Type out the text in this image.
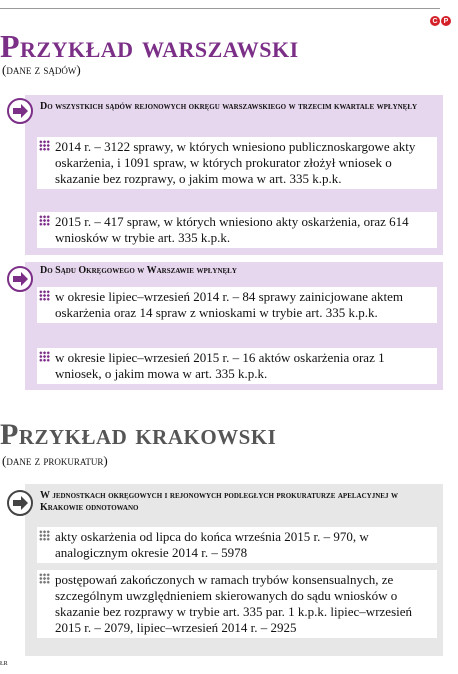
C P
Przykład warszawski
(dane z sądów)
Do wszystkich sądów rejonowych okręgu warszawskiego w trzecim kwartale wpłynęły
2014 r. – 3122 sprawy, w których wniesiono publicznoskargowe akty oskarżenia, i 1091 spraw, w których prokurator złożył wniosek o skazanie bez rozprawy, o jakim mowa w art. 335 k.p.k.
2015 r. – 417 spraw, w których wniesiono akty oskarżenia, oraz 614 wniosków w trybie art. 335 k.p.k.
Do Sądu Okręgowego w Warszawie wpłynęły
w okresie lipiec–wrzesień 2014 r. – 84 sprawy zainicjowane aktem oskarżenia oraz 14 spraw z wnioskami w trybie art. 335 k.p.k.
w okresie lipiec–wrzesień 2015 r. – 16 aktów oskarżenia oraz 1 wniosek, o jakim mowa w art. 335 k.p.k.
Przykład krakowski
(dane z prokuratur)
W jednostkach okręgowych i rejonowych podległych prokuraturze apelacyjnej w Krakowie odnotowano
akty oskarżenia od lipca do końca września 2015 r. – 970, w analogicznym okresie 2014 r. – 5978
postępowań zakończonych w ramach trybów konsensualnych, ze szczególnym uwzględnieniem skierowanych do sądu wniosków o skazanie bez rozprawy w trybie art. 335 par. 1 k.p.k. lipiec–wrzesień 2015 r. – 2079, lipiec–wrzesień 2014 r. – 2925
łr
